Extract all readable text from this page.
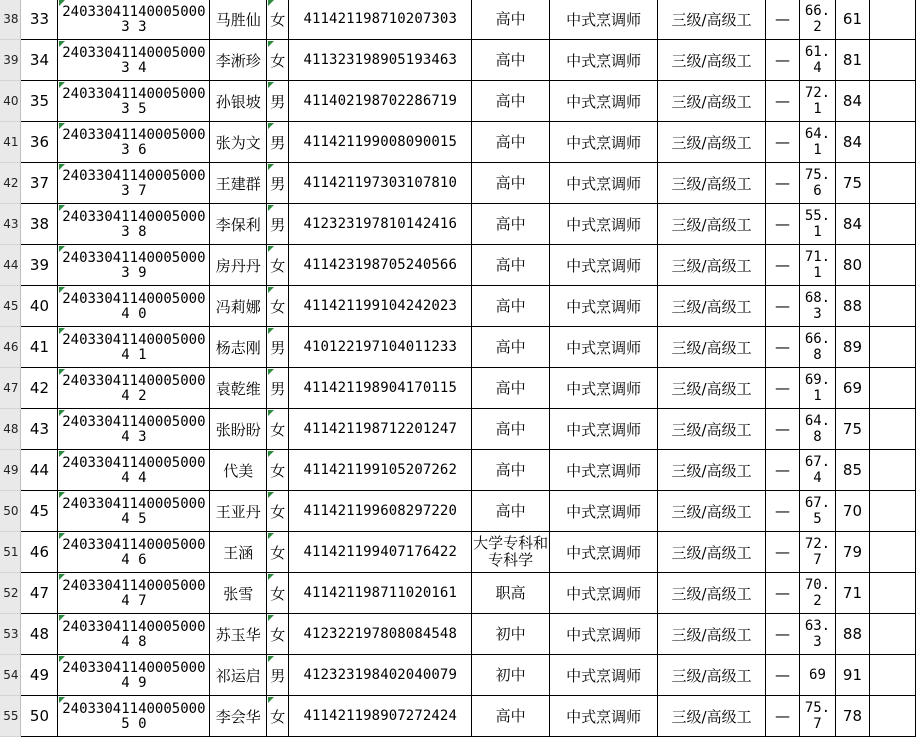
38	33	240330411400050003 3	马胜仙	女	411421198710207303	高中	中式烹调师	三级/高级工	—	66. 2	61	
39	34	240330411400050003 4	李淅珍	女	411323198905193463	高中	中式烹调师	三级/高级工	—	61. 4	81	
40	35	240330411400050003 5	孙银坡	男	411402198702286719	高中	中式烹调师	三级/高级工	—	72. 1	84	
41	36	240330411400050003 6	张为文	男	411421199008090015	高中	中式烹调师	三级/高级工	—	64. 1	84	
42	37	240330411400050003 7	王建群	男	411421197303107810	高中	中式烹调师	三级/高级工	—	75. 6	75	
43	38	240330411400050003 8	李保利	男	412323197810142416	高中	中式烹调师	三级/高级工	—	55. 1	84	
44	39	240330411400050003 9	房丹丹	女	411423198705240566	高中	中式烹调师	三级/高级工	—	71. 1	80	
45	40	240330411400050004 0	冯莉娜	女	411421199104242023	高中	中式烹调师	三级/高级工	—	68. 3	88	
46	41	240330411400050004 1	杨志刚	男	410122197104011233	高中	中式烹调师	三级/高级工	—	66. 8	89	
47	42	240330411400050004 2	袁乾维	男	411421198904170115	高中	中式烹调师	三级/高级工	—	69. 1	69	
48	43	240330411400050004 3	张盼盼	女	411421198712201247	高中	中式烹调师	三级/高级工	—	64. 8	75	
49	44	240330411400050004 4	代美	女	411421199105207262	高中	中式烹调师	三级/高级工	—	67. 4	85	
50	45	240330411400050004 5	王亚丹	女	411421199608297220	高中	中式烹调师	三级/高级工	—	67. 5	70	
51	46	240330411400050004 6	王涵	女	411421199407176422	大学专科和专科学	中式烹调师	三级/高级工	—	72. 7	79	
52	47	240330411400050004 7	张雪	女	411421198711020161	职高	中式烹调师	三级/高级工	—	70. 2	71	
53	48	240330411400050004 8	苏玉华	女	412322197808084548	初中	中式烹调师	三级/高级工	—	63. 3	88	
54	49	240330411400050004 9	祁运启	男	412323198402040079	初中	中式烹调师	三级/高级工	—	69	91	
55	50	240330411400050005 0	李会华	女	411421198907272424	高中	中式烹调师	三级/高级工	—	75. 7	78	
